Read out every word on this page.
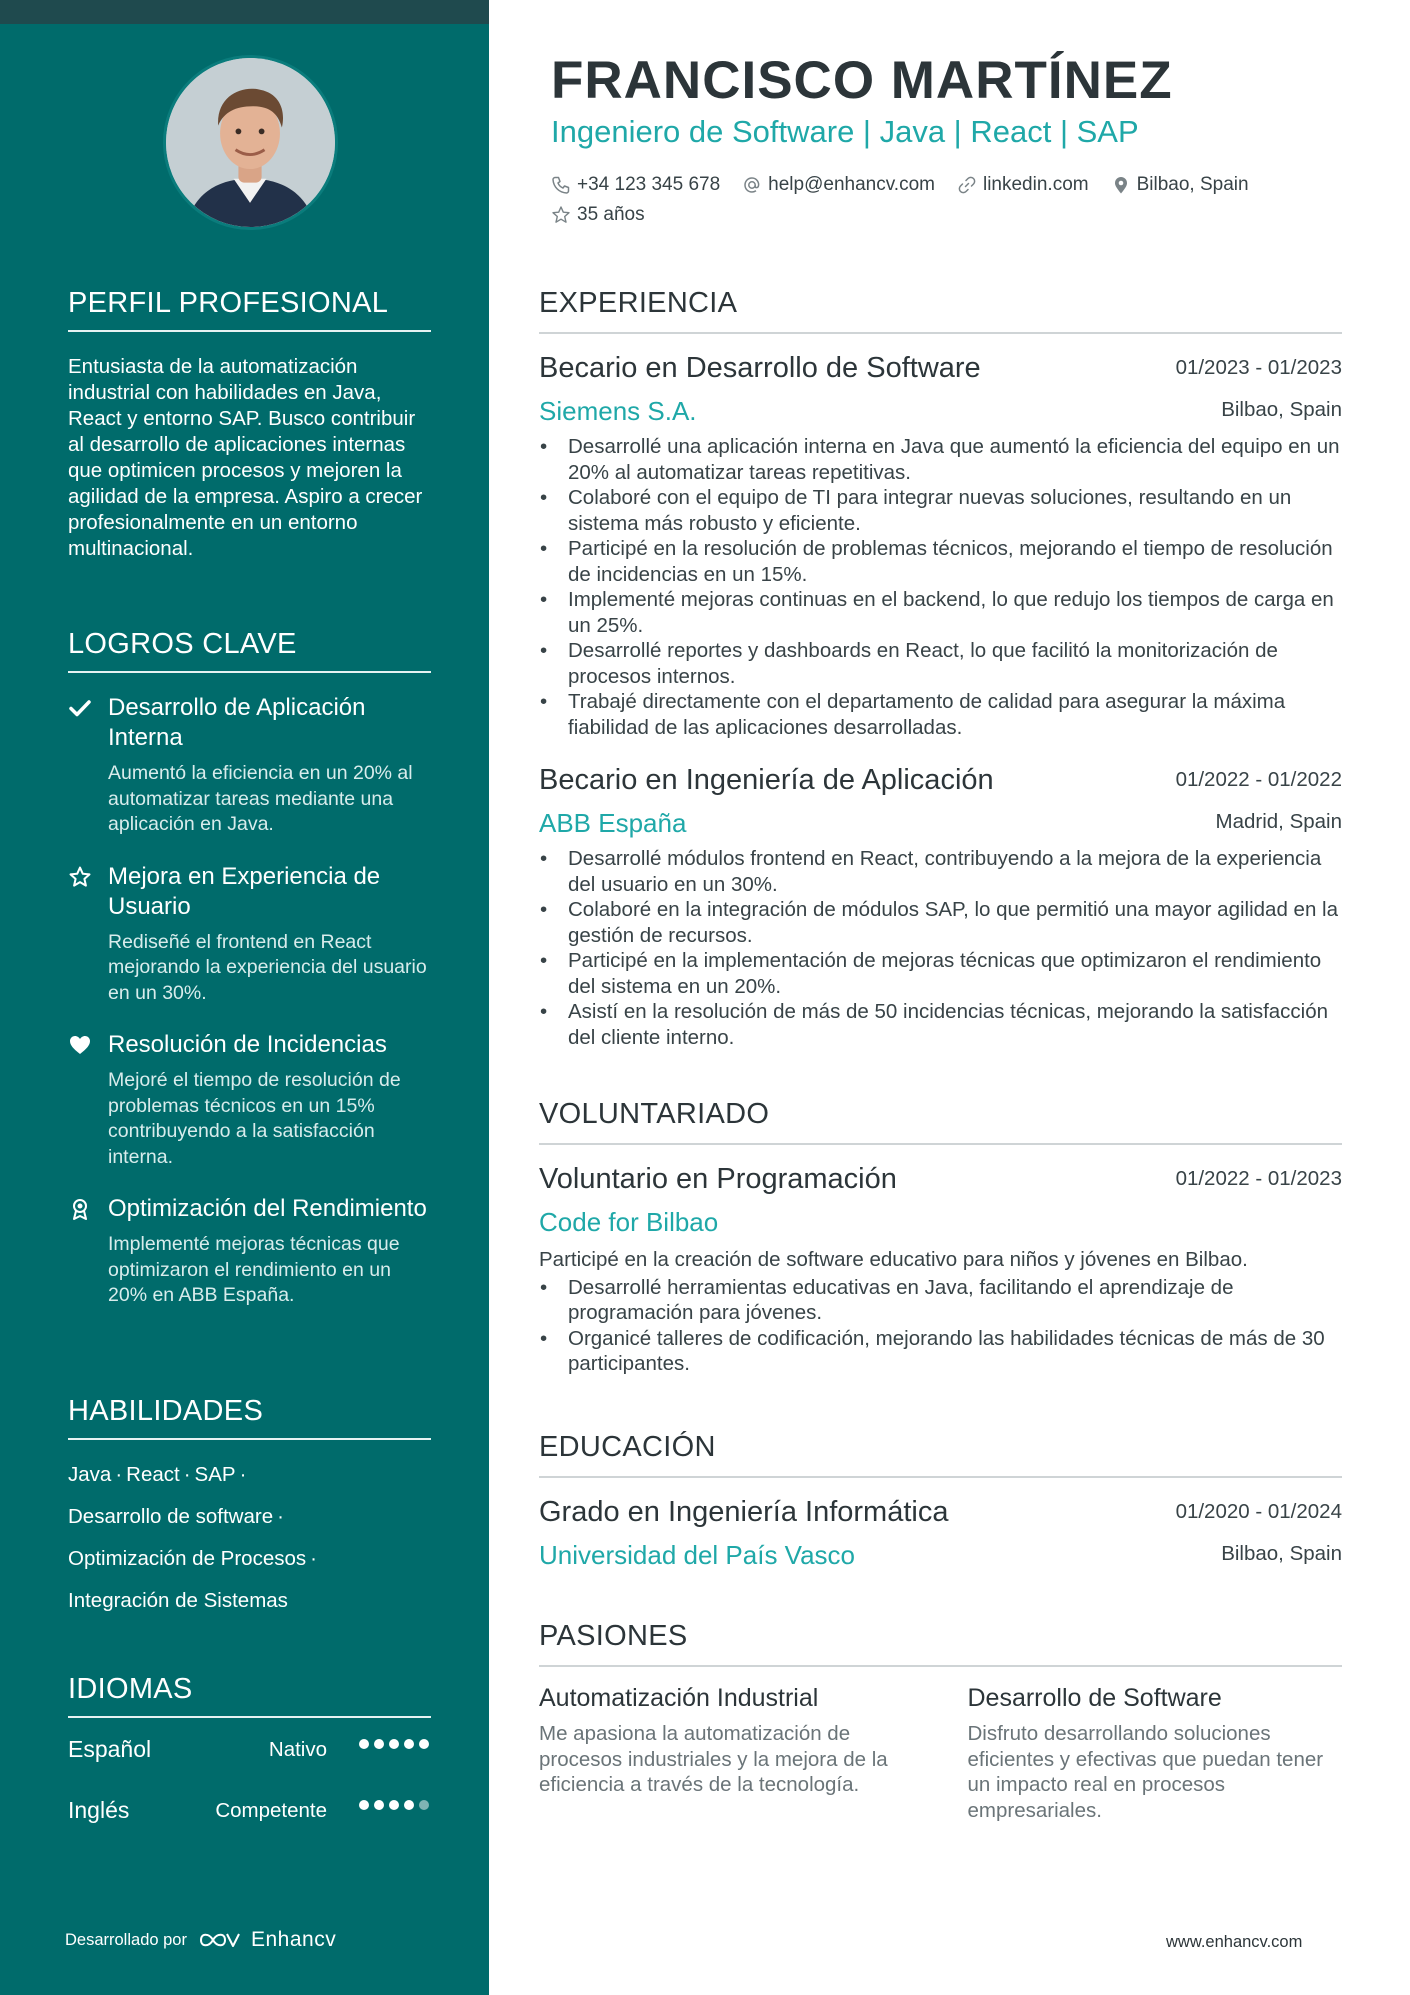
PERFIL PROFESIONAL
Entusiasta de la automatización industrial con habilidades en Java, React y entorno SAP. Busco contribuir al desarrollo de aplicaciones internas que optimicen procesos y mejoren la agilidad de la empresa. Aspiro a crecer profesionalmente en un entorno multinacional.
LOGROS CLAVE
Desarrollo de Aplicación Interna
Aumentó la eficiencia en un 20% al automatizar tareas mediante una aplicación en Java.
Mejora en Experiencia de Usuario
Rediseñé el frontend en React mejorando la experiencia del usuario en un 30%.
Resolución de Incidencias
Mejoré el tiempo de resolución de problemas técnicos en un 15% contribuyendo a la satisfacción interna.
Optimización del Rendimiento
Implementé mejoras técnicas que optimizaron el rendimiento en un 20% en ABB España.
HABILIDADES
Java · React · SAP ·
Desarrollo de software ·
Optimización de Procesos ·
Integración de Sistemas
IDIOMAS
Español	Nativo
Inglés	Competente
Desarrollado por	Enhancv
FRANCISCO MARTÍNEZ
Ingeniero de Software | Java | React | SAP
+34 123 345 678	help@enhancv.com	linkedin.com	Bilbao, Spain
35 años
EXPERIENCIA
Becario en Desarrollo de Software	01/2023 - 01/2023
Siemens S.A.	Bilbao, Spain
• Desarrollé una aplicación interna en Java que aumentó la eficiencia del equipo en un 20% al automatizar tareas repetitivas.
• Colaboré con el equipo de TI para integrar nuevas soluciones, resultando en un sistema más robusto y eficiente.
• Participé en la resolución de problemas técnicos, mejorando el tiempo de resolución de incidencias en un 15%.
• Implementé mejoras continuas en el backend, lo que redujo los tiempos de carga en un 25%.
• Desarrollé reportes y dashboards en React, lo que facilitó la monitorización de procesos internos.
• Trabajé directamente con el departamento de calidad para asegurar la máxima fiabilidad de las aplicaciones desarrolladas.
Becario en Ingeniería de Aplicación	01/2022 - 01/2022
ABB España	Madrid, Spain
• Desarrollé módulos frontend en React, contribuyendo a la mejora de la experiencia del usuario en un 30%.
• Colaboré en la integración de módulos SAP, lo que permitió una mayor agilidad en la gestión de recursos.
• Participé en la implementación de mejoras técnicas que optimizaron el rendimiento del sistema en un 20%.
• Asistí en la resolución de más de 50 incidencias técnicas, mejorando la satisfacción del cliente interno.
VOLUNTARIADO
Voluntario en Programación	01/2022 - 01/2023
Code for Bilbao
Participé en la creación de software educativo para niños y jóvenes en Bilbao.
• Desarrollé herramientas educativas en Java, facilitando el aprendizaje de programación para jóvenes.
• Organicé talleres de codificación, mejorando las habilidades técnicas de más de 30 participantes.
EDUCACIÓN
Grado en Ingeniería Informática	01/2020 - 01/2024
Universidad del País Vasco	Bilbao, Spain
PASIONES
Automatización Industrial
Me apasiona la automatización de procesos industriales y la mejora de la eficiencia a través de la tecnología.
Desarrollo de Software
Disfruto desarrollando soluciones eficientes y efectivas que puedan tener un impacto real en procesos empresariales.
www.enhancv.com
